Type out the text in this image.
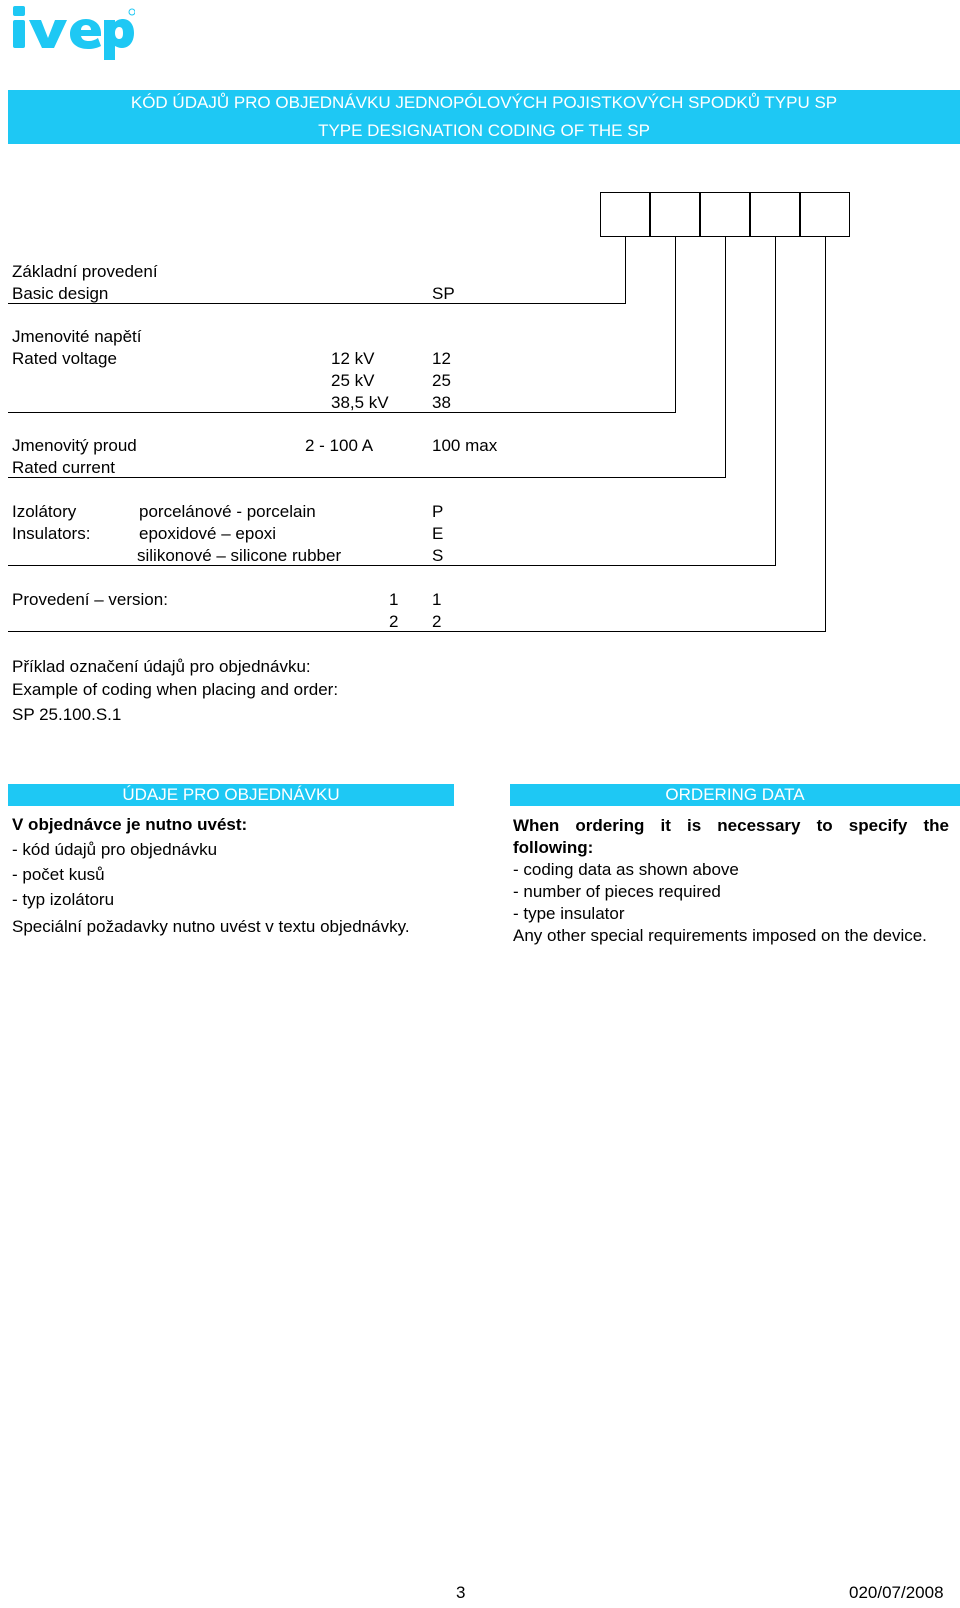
KÓD ÚDAJŮ PRO OBJEDNÁVKU JEDNOPÓLOVÝCH POJISTKOVÝCH SPODKŮ TYPU SP
TYPE DESIGNATION CODING OF THE SP
Základní provedení
Basic design	SP
Jmenovité napětí
Rated voltage	12 kV	12
25 kV	25
38,5 kV	38
Jmenovitý proud
Rated current
2 - 100 A	100 max
Izolátory
Insulators:
porcelánové - porcelain	P
epoxidové – epoxi	E
silikonové – silicone rubber	S
Provedení – version:	1 1
2 2
Příklad označení údajů pro objednávku:
Example of coding when placing and order:
SP 25.100.S.1
ÚDAJE PRO OBJEDNÁVKU	ORDERING DATA
V objednávce je nutno uvést:
- kód údajů pro objednávku
- počet kusů
- typ izolátoru
Speciální požadavky nutno uvést v textu objednávky.
When ordering it is necessary to specify the following:
- coding data as shown above
- number of pieces required
- type insulator
Any other special requirements imposed on the device.
3	020/07/2008
